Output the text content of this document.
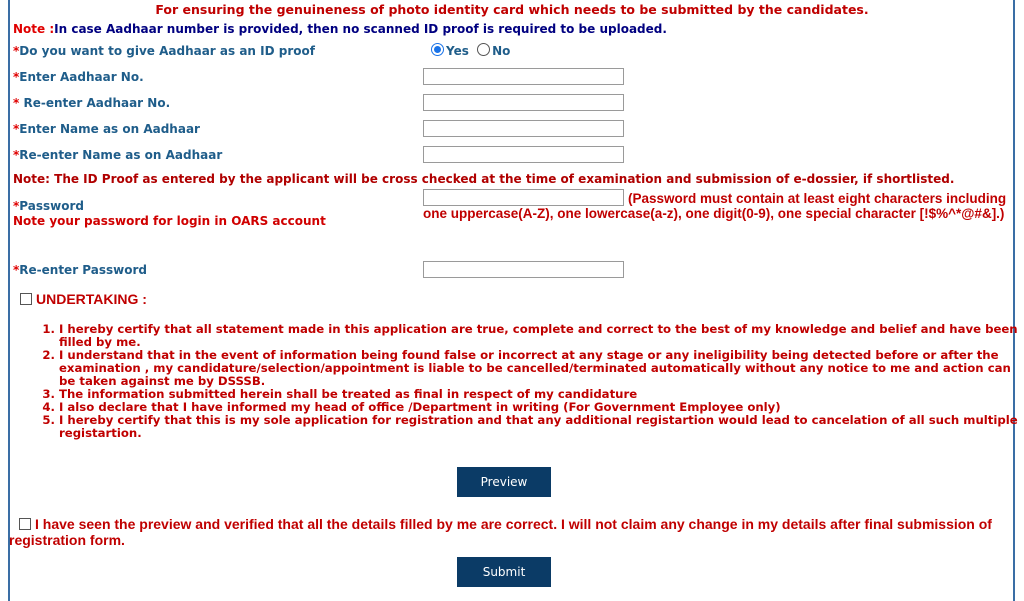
For ensuring the genuineness of photo identity card which needs to be submitted by the candidates.
Note :In case Aadhaar number is provided, then no scanned ID proof is required to be uploaded.
*Do you want to give Aadhaar as an ID proof	Yes No
*Enter Aadhaar No.
* Re-enter Aadhaar No.
*Enter Name as on Aadhaar
*Re-enter Name as on Aadhaar
Note: The ID Proof as entered by the applicant will be cross checked at the time of examination and submission of e-dossier, if shortlisted.
*Password
Note your password for login in OARS account
(Password must contain at least eight characters including one uppercase(A-Z), one lowercase(a-z), one digit(0-9), one special character [!$%^*@#&].)
*Re-enter Password
UNDERTAKING :
1. I hereby certify that all statement made in this application are true, complete and correct to the best of my knowledge and belief and have been filled by me.
2. I understand that in the event of information being found false or incorrect at any stage or any ineligibility being detected before or after the examination , my candidature/selection/appointment is liable to be cancelled/terminated automatically without any notice to me and action can be taken against me by DSSSB.
3. The information submitted herein shall be treated as final in respect of my candidature
4. I also declare that I have informed my head of office /Department in writing (For Government Employee only)
5. I hereby certify that this is my sole application for registration and that any additional registartion would lead to cancelation of all such multiple registartion.
Preview
I have seen the preview and verified that all the details filled by me are correct. I will not claim any change in my details after final submission of registration form.
Submit
